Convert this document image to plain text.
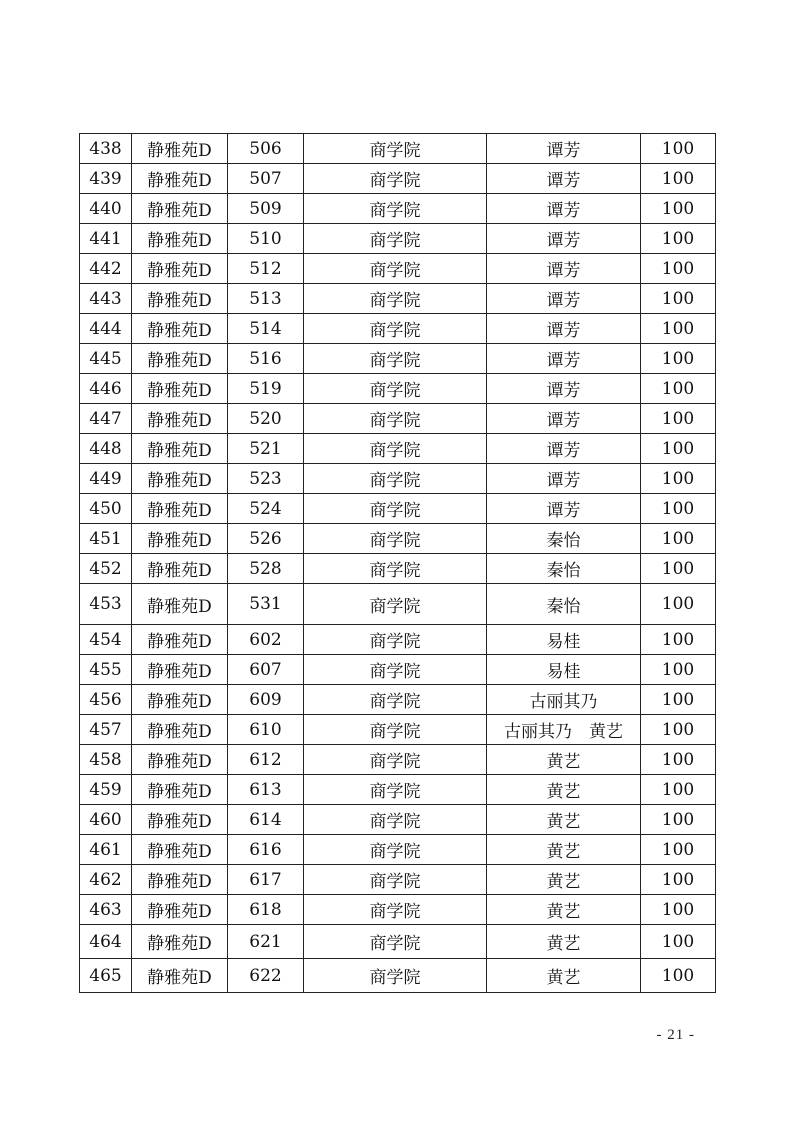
438	静雅苑D	506	商学院	谭芳	100
439	静雅苑D	507	商学院	谭芳	100
440	静雅苑D	509	商学院	谭芳	100
441	静雅苑D	510	商学院	谭芳	100
442	静雅苑D	512	商学院	谭芳	100
443	静雅苑D	513	商学院	谭芳	100
444	静雅苑D	514	商学院	谭芳	100
445	静雅苑D	516	商学院	谭芳	100
446	静雅苑D	519	商学院	谭芳	100
447	静雅苑D	520	商学院	谭芳	100
448	静雅苑D	521	商学院	谭芳	100
449	静雅苑D	523	商学院	谭芳	100
450	静雅苑D	524	商学院	谭芳	100
451	静雅苑D	526	商学院	秦怡	100
452	静雅苑D	528	商学院	秦怡	100
453	静雅苑D	531	商学院	秦怡	100
454	静雅苑D	602	商学院	易桂	100
455	静雅苑D	607	商学院	易桂	100
456	静雅苑D	609	商学院	古丽其乃	100
457	静雅苑D	610	商学院	古丽其乃　黄艺	100
458	静雅苑D	612	商学院	黄艺	100
459	静雅苑D	613	商学院	黄艺	100
460	静雅苑D	614	商学院	黄艺	100
461	静雅苑D	616	商学院	黄艺	100
462	静雅苑D	617	商学院	黄艺	100
463	静雅苑D	618	商学院	黄艺	100
464	静雅苑D	621	商学院	黄艺	100
465	静雅苑D	622	商学院	黄艺	100
- 21 -
